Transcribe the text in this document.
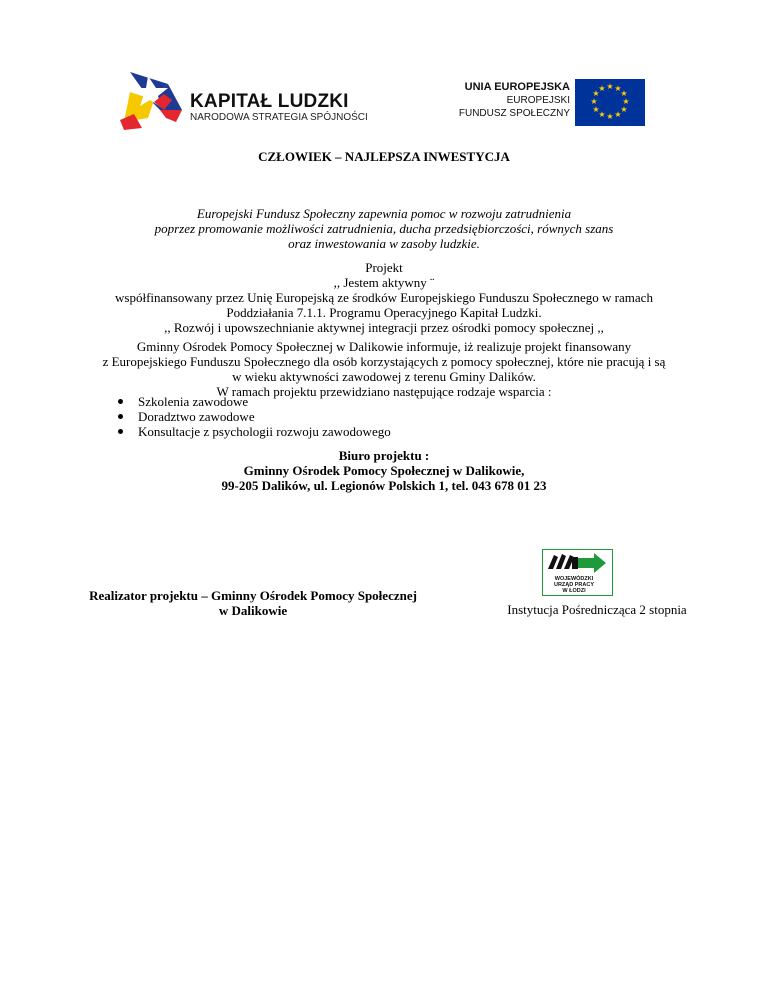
KAPITAŁ LUDZKI
NARODOWA STRATEGIA SPÓJNOŚCI
UNIA EUROPEJSKA
EUROPEJSKI
FUNDUSZ SPOŁECZNY
★ ★
★
★
★
★
★
★
★
★
★
★
CZŁOWIEK – NAJLEPSZA INWESTYCJA
Europejski Fundusz Społeczny zapewnia pomoc w rozwoju zatrudnienia
poprzez promowanie możliwości zatrudnienia, ducha przedsiębiorczości, równych szans
oraz inwestowania w zasoby ludzkie.
Projekt
,, Jestem aktywny ¨
współfinansowany przez Unię Europejską ze środków Europejskiego Funduszu Społecznego w ramach
Poddziałania 7.1.1. Programu Operacyjnego Kapitał Ludzki.
,, Rozwój i upowszechnianie aktywnej integracji przez ośrodki pomocy społecznej ,,
Gminny Ośrodek Pomocy Społecznej w Dalikowie informuje, iż realizuje projekt finansowany
z Europejskiego Funduszu Społecznego dla osób korzystających z pomocy społecznej, które nie pracują i są
w wieku aktywności zawodowej z terenu Gminy Dalików.
W ramach projektu przewidziano następujące rodzaje wsparcia :
Szkolenia zawodowe
Doradztwo zawodowe
Konsultacje z psychologii rozwoju zawodowego
Biuro projektu :
Gminny Ośrodek Pomocy Społecznej w Dalikowie,
99-205 Dalików, ul. Legionów Polskich 1, tel. 043 678 01 23
WOJEWÓDZKI
URZĄD PRACY
W ŁODZI
Realizator projektu – Gminny Ośrodek Pomocy Społecznej
w Dalikowie	Instytucja Pośrednicząca 2 stopnia
